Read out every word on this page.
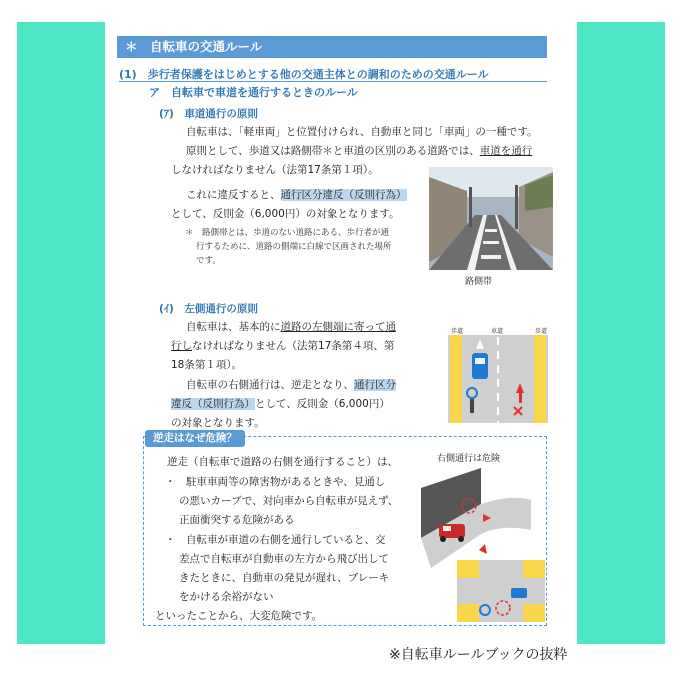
＊　自転車の交通ルール
(1)　歩行者保護をはじめとする他の交通主体との調和のための交通ルール
ア　自転車で車道を通行するときのルール
(ｱ)　車道通行の原則
自転車は、「軽車両」と位置付けられ、自動車と同じ「車両」の一種です。
原則として、歩道又は路側帯＊と車道の区別のある道路では、車道を通行
しなければなりません（法第17条第１項）。
これに違反すると、通行区分違反（反則行為）
として、反則金（6,000円）の対象となります。
＊　路側帯とは、歩道のない道路にある、歩行者が通
行するために、道路の側端に白線で区画された場所
です。
路側帯
(ｲ)　左側通行の原則
自転車は、基本的に道路の左側端に寄って通
行しなければなりません（法第17条第４項、第
18条第１項）。
自転車の右側通行は、逆走となり、通行区分
違反（反則行為）として、反則金（6,000円）
の対象となります。
歩道	車道	歩道
逆走はなぜ危険？
逆走（自転車で道路の右側を通行すること）は、
・　駐車車両等の障害物があるときや、見通し
の悪いカーブで、対向車から自転車が見えず、
正面衝突する危険がある
・　自転車が車道の右側を通行していると、交
差点で自転車が自動車の左方から飛び出して
きたときに、自動車の発見が遅れ、ブレーキ
をかける余裕がない
といったことから、大変危険です。
右側通行は危険
※自転車ルールブックの抜粋
